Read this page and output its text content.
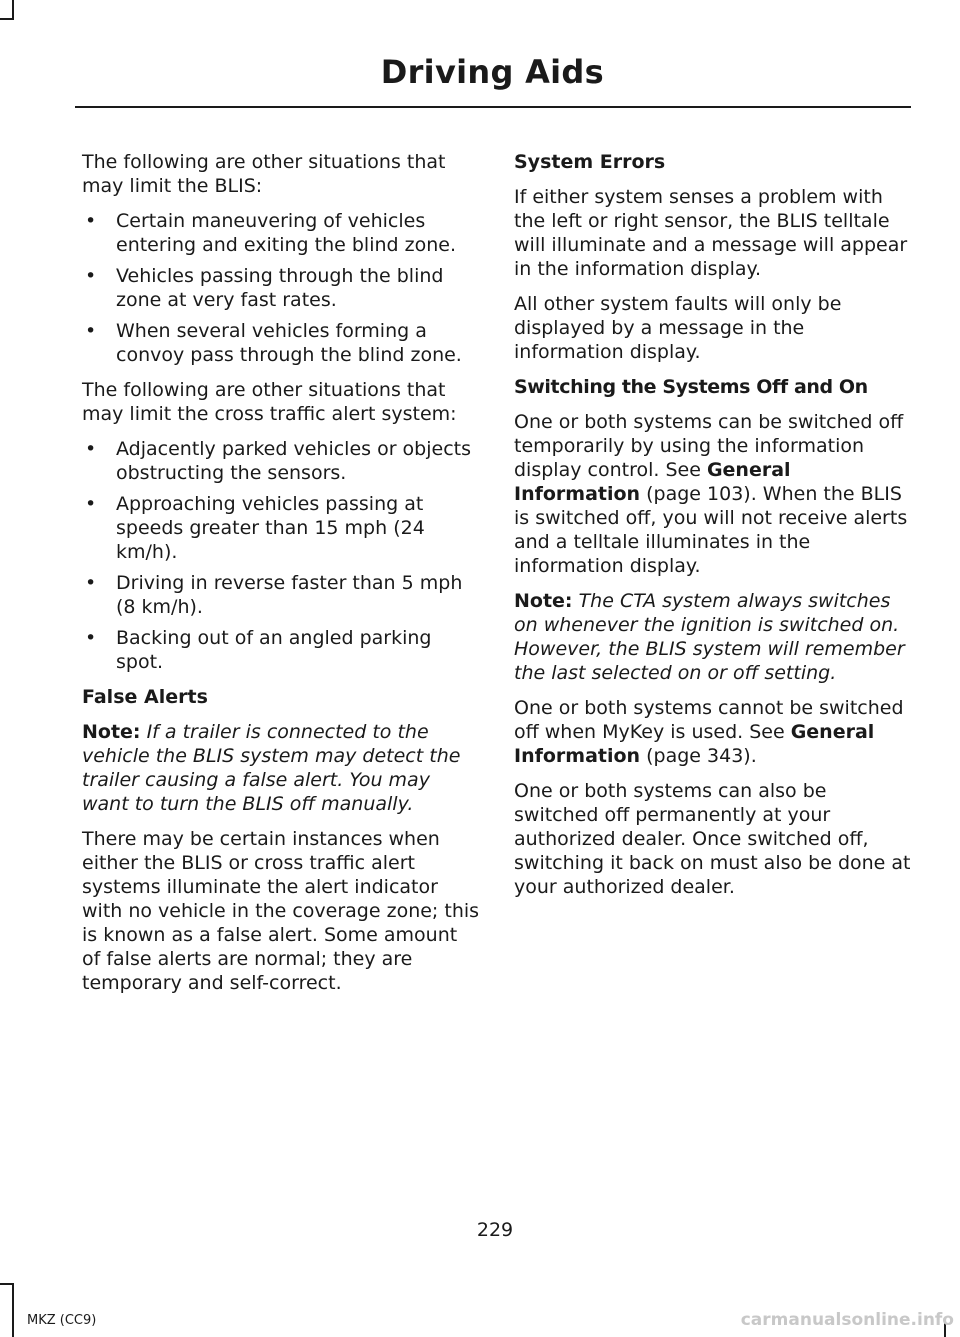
Driving Aids

The following are other situations that may limit the BLIS:

• Certain maneuvering of vehicles entering and exiting the blind zone.
• Vehicles passing through the blind zone at very fast rates.
• When several vehicles forming a convoy pass through the blind zone.

The following are other situations that may limit the cross traffic alert system:

• Adjacently parked vehicles or objects obstructing the sensors.
• Approaching vehicles passing at speeds greater than 15 mph (24 km/h).
• Driving in reverse faster than 5 mph (8 km/h).
• Backing out of an angled parking spot.
False Alerts

Note: If a trailer is connected to the vehicle the BLIS system may detect the trailer causing a false alert. You may want to turn the BLIS off manually.

There may be certain instances when either the BLIS or cross traffic alert systems illuminate the alert indicator with no vehicle in the coverage zone; this is known as a false alert. Some amount of false alerts are normal; they are temporary and self-correct.

System Errors

If either system senses a problem with the left or right sensor, the BLIS telltale will illuminate and a message will appear in the information display.

All other system faults will only be displayed by a message in the information display.

Switching the Systems Off and On

One or both systems can be switched off temporarily by using the information display control. See General Information (page 103). When the BLIS is switched off, you will not receive alerts and a telltale illuminates in the information display.

Note: The CTA system always switches on whenever the ignition is switched on. However, the BLIS system will remember the last selected on or off setting.

One or both systems cannot be switched off when MyKey is used. See General Information (page 343).

One or both systems can also be switched off permanently at your authorized dealer. Once switched off, switching it back on must also be done at your authorized dealer.

229
MKZ (CC9)	carmanualsonline.info
